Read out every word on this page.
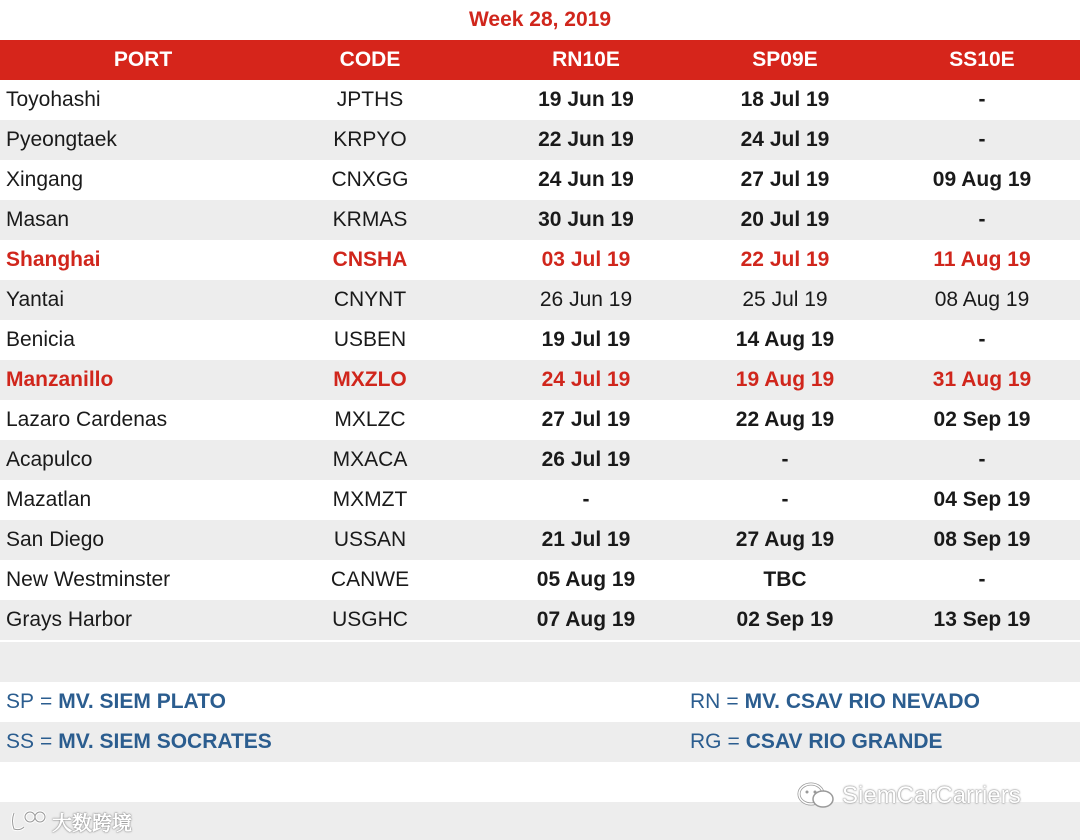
Week 28, 2019
PORT	CODE	RN10E	SP09E	SS10E
Toyohashi	JPTHS	19 Jun 19	18 Jul 19	-
Pyeongtaek	KRPYO	22 Jun 19	24 Jul 19	-
Xingang	CNXGG	24 Jun 19	27 Jul 19	09 Aug 19
Masan	KRMAS	30 Jun 19	20 Jul 19	-
Shanghai	CNSHA	03 Jul 19	22 Jul 19	11 Aug 19
Yantai	CNYNT	26 Jun 19	25 Jul 19	08 Aug 19
Benicia	USBEN	19 Jul 19	14 Aug 19	-
Manzanillo	MXZLO	24 Jul 19	19 Aug 19	31 Aug 19
Lazaro Cardenas	MXLZC	27 Jul 19	22 Aug 19	02 Sep 19
Acapulco	MXACA	26 Jul 19	-	-
Mazatlan	MXMZT	-	-	04 Sep 19
San Diego	USSAN	21 Jul 19	27 Aug 19	08 Sep 19
New Westminster	CANWE	05 Aug 19	TBC	-
Grays Harbor	USGHC	07 Aug 19	02 Sep 19	13 Sep 19
SP = MV. SIEM PLATO	RN = MV. CSAV RIO NEVADO
SS = MV. SIEM SOCRATES	RG = CSAV RIO GRANDE
大数跨境
SiemCarCarriers
